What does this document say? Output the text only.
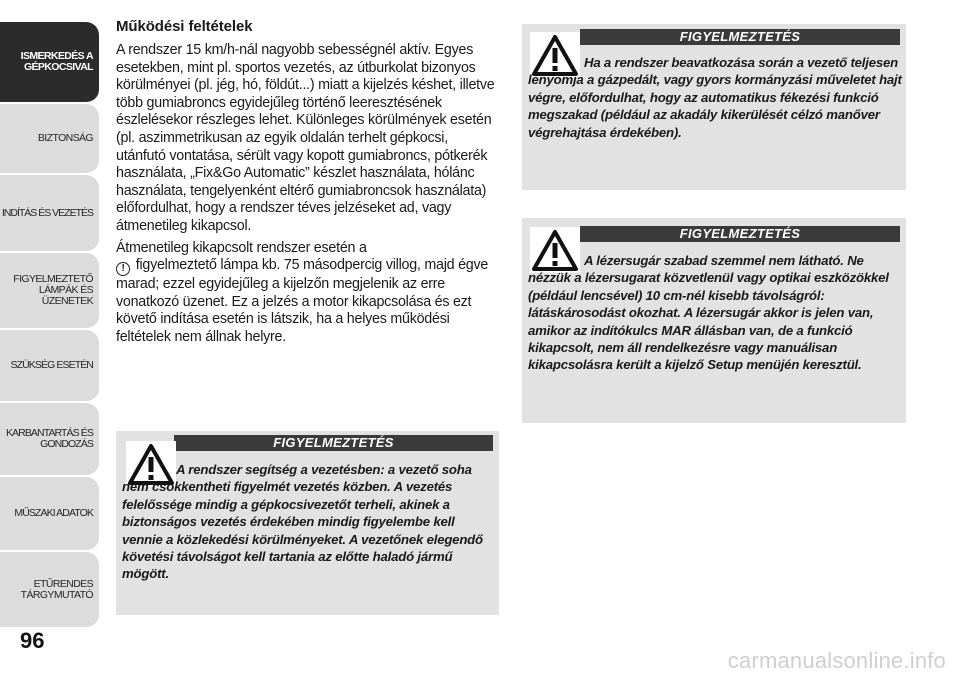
ISMERKEDÉS A
GÉPKOCSIVAL
BIZTONSÁG
INDÍTÁS ÉS VEZETÉS
FIGYELMEZTETŐ
LÁMPÁK ÉS
ÜZENETEK
SZÜKSÉG ESETÉN
KARBANTARTÁS ÉS
GONDOZÁS
MŰSZAKI ADATOK
ETŰRENDES
TÁRGYMUTATÓ
96

Működési feltételek

A rendszer 15 km/h-nál nagyobb sebességnél aktív. Egyes esetekben, mint pl. sportos vezetés, az útburkolat bizonyos körülményei (pl. jég, hó, földút...) miatt a kijelzés késhet, illetve több gumiabroncs egyidejűleg történő leeresztésének észlelésekor részleges lehet. Különleges körülmények esetén (pl. aszimmetrikusan az egyik oldalán terhelt gépkocsi, utánfutó vontatása, sérült vagy kopott gumiabroncs, pótkerék használata, „Fix&Go Automatic” készlet használata, hólánc használata, tengelyenként eltérő gumiabroncsok használata) előfordulhat, hogy a rendszer téves jelzéseket ad, vagy átmenetileg kikapcsol.

Átmenetileg kikapcsolt rendszer esetén a
! figyelmeztető lámpa kb. 75 másodpercig villog, majd égve marad; ezzel egyidejűleg a kijelzőn megjelenik az erre vonatkozó üzenet. Ez a jelzés a motor kikapcsolása és ezt követő indítása esetén is látszik, ha a helyes működési feltételek nem állnak helyre.

FIGYELMEZTETÉS
A rendszer segítség a vezetésben: a vezető soha nem csökkentheti figyelmét vezetés közben. A vezetés felelőssége mindig a gépkocsivezetőt terheli, akinek a biztonságos vezetés érdekében mindig figyelembe kell vennie a közlekedési körülményeket. A vezetőnek elegendő követési távolságot kell tartania az előtte haladó jármű mögött.
FIGYELMEZTETÉS
Ha a rendszer beavatkozása során a vezető teljesen lenyomja a gázpedált, vagy gyors kormányzási műveletet hajt végre, előfordulhat, hogy az automatikus fékezési funkció megszakad (például az akadály kikerülését célzó manőver végrehajtása érdekében).
FIGYELMEZTETÉS
A lézersugár szabad szemmel nem látható. Ne nézzük a lézersugarat közvetlenül vagy optikai eszközökkel (például lencsével) 10 cm-nél kisebb távolságról: látáskárosodást okozhat. A lézersugár akkor is jelen van, amikor az indítókulcs MAR állásban van, de a funkció kikapcsolt, nem áll rendelkezésre vagy manuálisan kikapcsolásra került a kijelző Setup menüjén keresztül.
carmanualsonline.info
